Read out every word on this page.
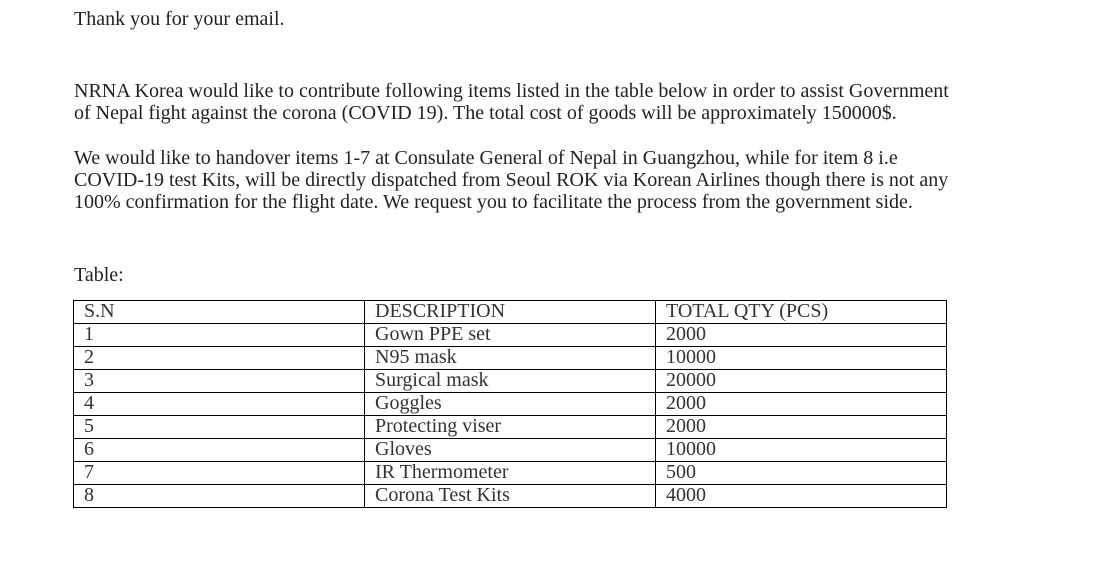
Thank you for your email.

NRNA Korea would like to contribute following items listed in the table below in order to assist Government
of Nepal fight against the corona (COVID 19). The total cost of goods will be approximately 150000$.

We would like to handover items 1-7 at Consulate General of Nepal in Guangzhou, while for item 8 i.e
COVID-19 test Kits, will be directly dispatched from Seoul ROK via Korean Airlines though there is not any
100% confirmation for the flight date. We request you to facilitate the process from the government side.

Table:

S.N	DESCRIPTION	TOTAL QTY (PCS)
1	Gown PPE set	2000
2	N95 mask	10000
3	Surgical mask	20000
4	Goggles	2000
5	Protecting viser	2000
6	Gloves	10000
7	IR Thermometer	500
8	Corona Test Kits	4000
